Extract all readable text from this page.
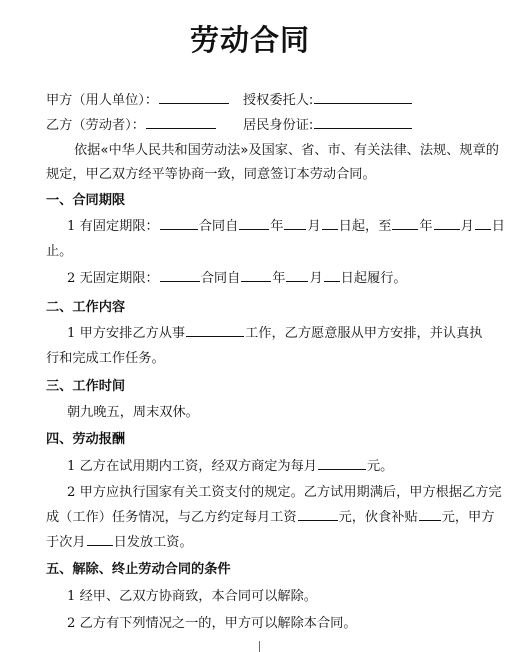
劳动合同
甲方（用人单位）：	授权委托人:
乙方（劳动者）：	居民身份证:
依据«中华人民共和国劳动法»及国家、省、市、有关法律、法规、规章的
规定，甲乙双方经平等协商一致，同意签订本劳动合同。
一、合同期限
1 有固定期限：	合同自 年 月 日起，至 年 月 日
止。
2 无固定期限：	合同自 年 月 日起履行。
二、工作内容
1 甲方安排乙方从事	工作，乙方愿意服从甲方安排，并认真执
行和完成工作任务。
三、工作时间
朝九晚五，周末双休。
四、劳动报酬
1 乙方在试用期内工资，经双方商定为每月	元。
2 甲方应执行国家有关工资支付的规定。乙方试用期满后，甲方根据乙方完
成（工作）任务情况，与乙方约定每月工资	元，伙食补贴 元，甲方
于次月 日发放工资。
五、解除、终止劳动合同的条件
1 经甲、乙双方协商致，本合同可以解除。
2 乙方有下列情况之一的，甲方可以解除本合同。
